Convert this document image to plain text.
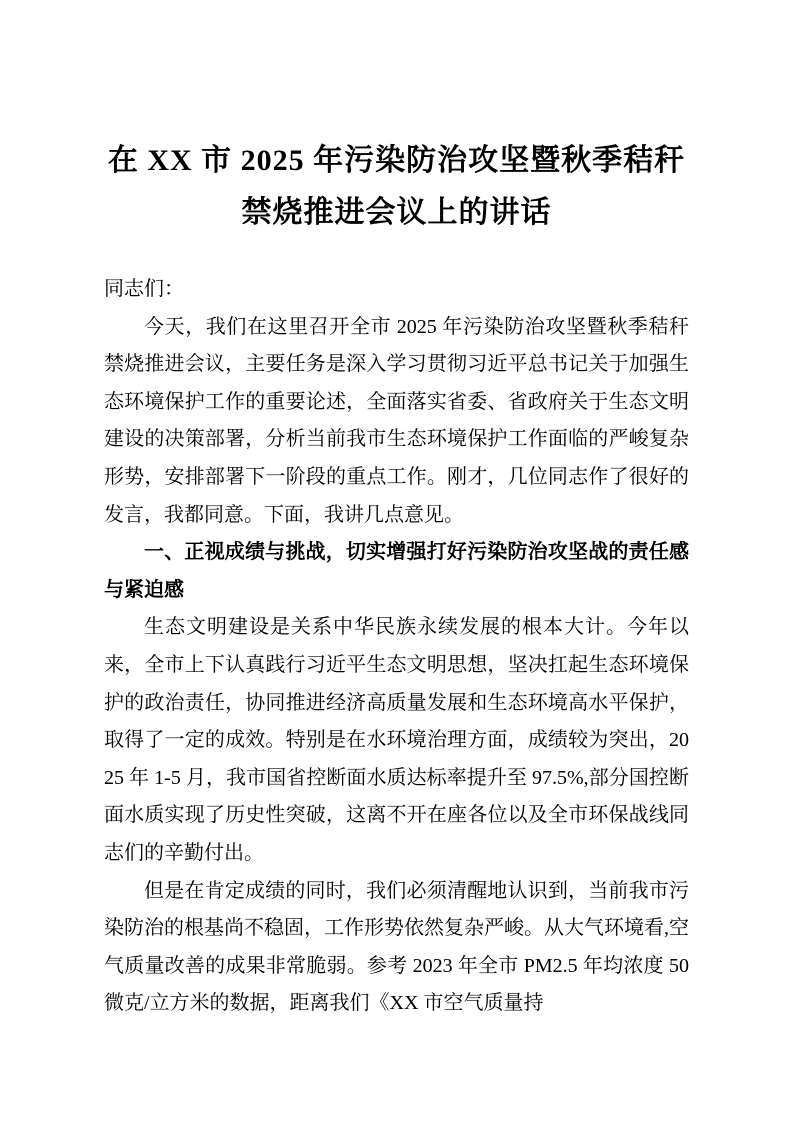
在 XX 市 2025 年污染防治攻坚暨秋季秸秆
禁烧推进会议上的讲话

同志们：

今天，我们在这里召开全市 2025 年污染防治攻坚暨秋季秸秆禁烧推进会议，主要任务是深入学习贯彻习近平总书记关于加强生态环境保护工作的重要论述，全面落实省委、省政府关于生态文明建设的决策部署，分析当前我市生态环境保护工作面临的严峻复杂形势，安排部署下一阶段的重点工作。刚才，几位同志作了很好的发言，我都同意。下面，我讲几点意见。

一、正视成绩与挑战，切实增强打好污染防治攻坚战的责任感与紧迫感

生态文明建设是关系中华民族永续发展的根本大计。今年以来，全市上下认真践行习近平生态文明思想，坚决扛起生态环境保护的政治责任，协同推进经济高质量发展和生态环境高水平保护，取得了一定的成效。特别是在水环境治理方面，成绩较为突出，2025 年 1-5 月，我市国省控断面水质达标率提升至 97.5%,部分国控断面水质实现了历史性突破，这离不开在座各位以及全市环保战线同志们的辛勤付出。

但是在肯定成绩的同时，我们必须清醒地认识到，当前我市污染防治的根基尚不稳固，工作形势依然复杂严峻。从大气环境看,空气质量改善的成果非常脆弱。参考 2023 年全市 PM2.5 年均浓度 50 微克/立方米的数据，距离我们《XX 市空气质量持
